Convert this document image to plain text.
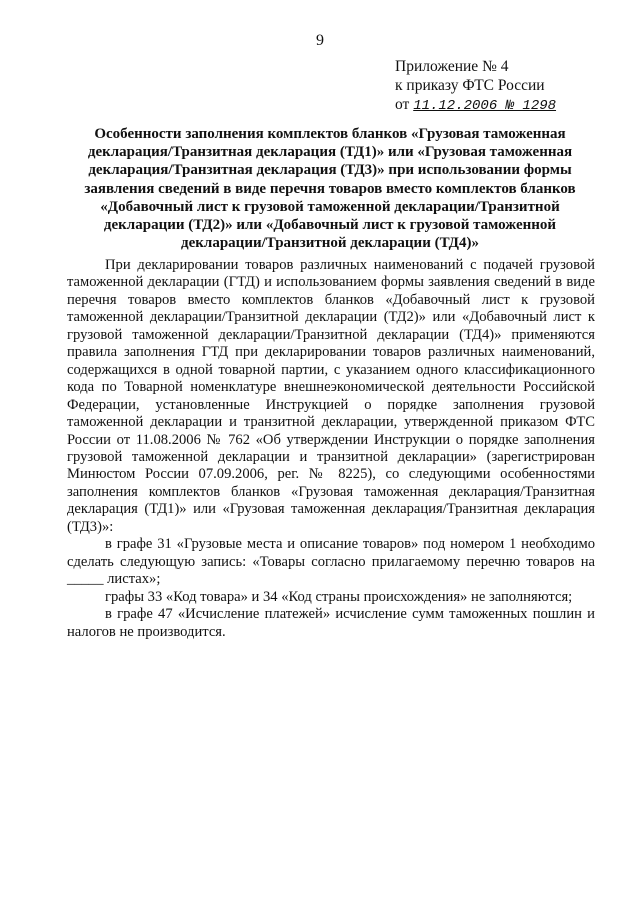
9
Приложение № 4
к приказу ФТС России
от 11.12.2006 № 1298
Особенности заполнения комплектов бланков «Грузовая таможенная декларация/Транзитная декларация (ТД1)» или «Грузовая таможенная декларация/Транзитная декларация (ТД3)» при использовании формы заявления сведений в виде перечня товаров вместо комплектов бланков «Добавочный лист к грузовой таможенной декларации/Транзитной декларации (ТД2)» или «Добавочный лист к грузовой таможенной декларации/Транзитной декларации (ТД4)»

При декларировании товаров различных наименований с подачей грузовой таможенной декларации (ГТД) и использованием формы заявления сведений в виде перечня товаров вместо комплектов бланков «Добавочный лист к грузовой таможенной декларации/Транзитной декларации (ТД2)» или «Добавочный лист к грузовой таможенной декларации/Транзитной декларации (ТД4)» применяются правила заполнения ГТД при декларировании товаров различных наименований, содержащихся в одной товарной партии, с указанием одного классификационного кода по Товарной номенклатуре внешнеэкономической деятельности Российской Федерации, установленные Инструкцией о порядке заполнения грузовой таможенной декларации и транзитной декларации, утвержденной приказом ФТС России от 11.08.2006 № 762 «Об утверждении Инструкции о порядке заполнения грузовой таможенной декларации и транзитной декларации» (зарегистрирован Минюстом России 07.09.2006, рег. № 8225), со следующими особенностями заполнения комплектов бланков «Грузовая таможенная декларация/Транзитная декларация (ТД1)» или «Грузовая таможенная декларация/Транзитная декларация (ТД3)»:

в графе 31 «Грузовые места и описание товаров» под номером 1 необходимо сделать следующую запись: «Товары согласно прилагаемому перечню товаров на _____ листах»;

графы 33 «Код товара» и 34 «Код страны происхождения» не заполняются;

в графе 47 «Исчисление платежей» исчисление сумм таможенных пошлин и налогов не производится.
